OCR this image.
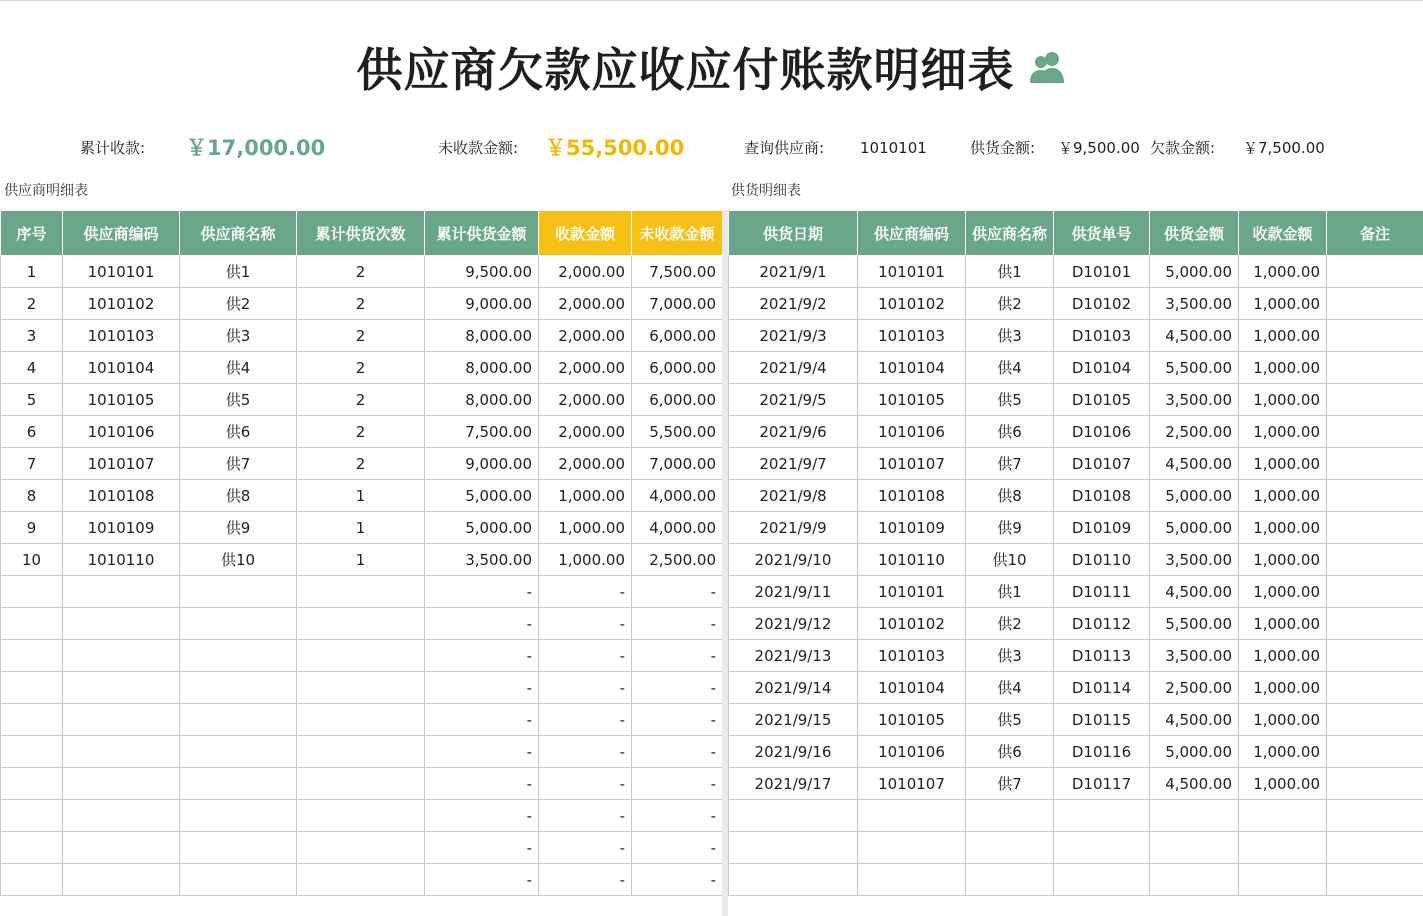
供应商欠款应收应付账款明细表
累计收款: ￥17,000.00	未收款金额: ￥55,500.00	查询供应商: 1010101	供货金额: ￥9,500.00 欠款金额: ￥7,500.00
供应商明细表	供货明细表
序号	供应商编码	供应商名称	累计供货次数	累计供货金额	收款金额	未收款金额
1	1010101	供1	2	9,500.00	2,000.00	7,500.00
2	1010102	供2	2	9,000.00	2,000.00	7,000.00
3	1010103	供3	2	8,000.00	2,000.00	6,000.00
4	1010104	供4	2	8,000.00	2,000.00	6,000.00
5	1010105	供5	2	8,000.00	2,000.00	6,000.00
6	1010106	供6	2	7,500.00	2,000.00	5,500.00
7	1010107	供7	2	9,000.00	2,000.00	7,000.00
8	1010108	供8	1	5,000.00	1,000.00	4,000.00
9	1010109	供9	1	5,000.00	1,000.00	4,000.00
10	1010110	供10	1	3,500.00	1,000.00	2,500.00
				-	-	-
				-	-	-
				-	-	-
				-	-	-
				-	-	-
				-	-	-
				-	-	-
				-	-	-
				-	-	-
				-	-	-
供货日期	供应商编码	供应商名称	供货单号	供货金额	收款金额	备注
2021/9/1	1010101	供1	D10101	5,000.00	1,000.00	
2021/9/2	1010102	供2	D10102	3,500.00	1,000.00	
2021/9/3	1010103	供3	D10103	4,500.00	1,000.00	
2021/9/4	1010104	供4	D10104	5,500.00	1,000.00	
2021/9/5	1010105	供5	D10105	3,500.00	1,000.00	
2021/9/6	1010106	供6	D10106	2,500.00	1,000.00	
2021/9/7	1010107	供7	D10107	4,500.00	1,000.00	
2021/9/8	1010108	供8	D10108	5,000.00	1,000.00	
2021/9/9	1010109	供9	D10109	5,000.00	1,000.00	
2021/9/10	1010110	供10	D10110	3,500.00	1,000.00	
2021/9/11	1010101	供1	D10111	4,500.00	1,000.00	
2021/9/12	1010102	供2	D10112	5,500.00	1,000.00	
2021/9/13	1010103	供3	D10113	3,500.00	1,000.00	
2021/9/14	1010104	供4	D10114	2,500.00	1,000.00	
2021/9/15	1010105	供5	D10115	4,500.00	1,000.00	
2021/9/16	1010106	供6	D10116	5,000.00	1,000.00	
2021/9/17	1010107	供7	D10117	4,500.00	1,000.00	
